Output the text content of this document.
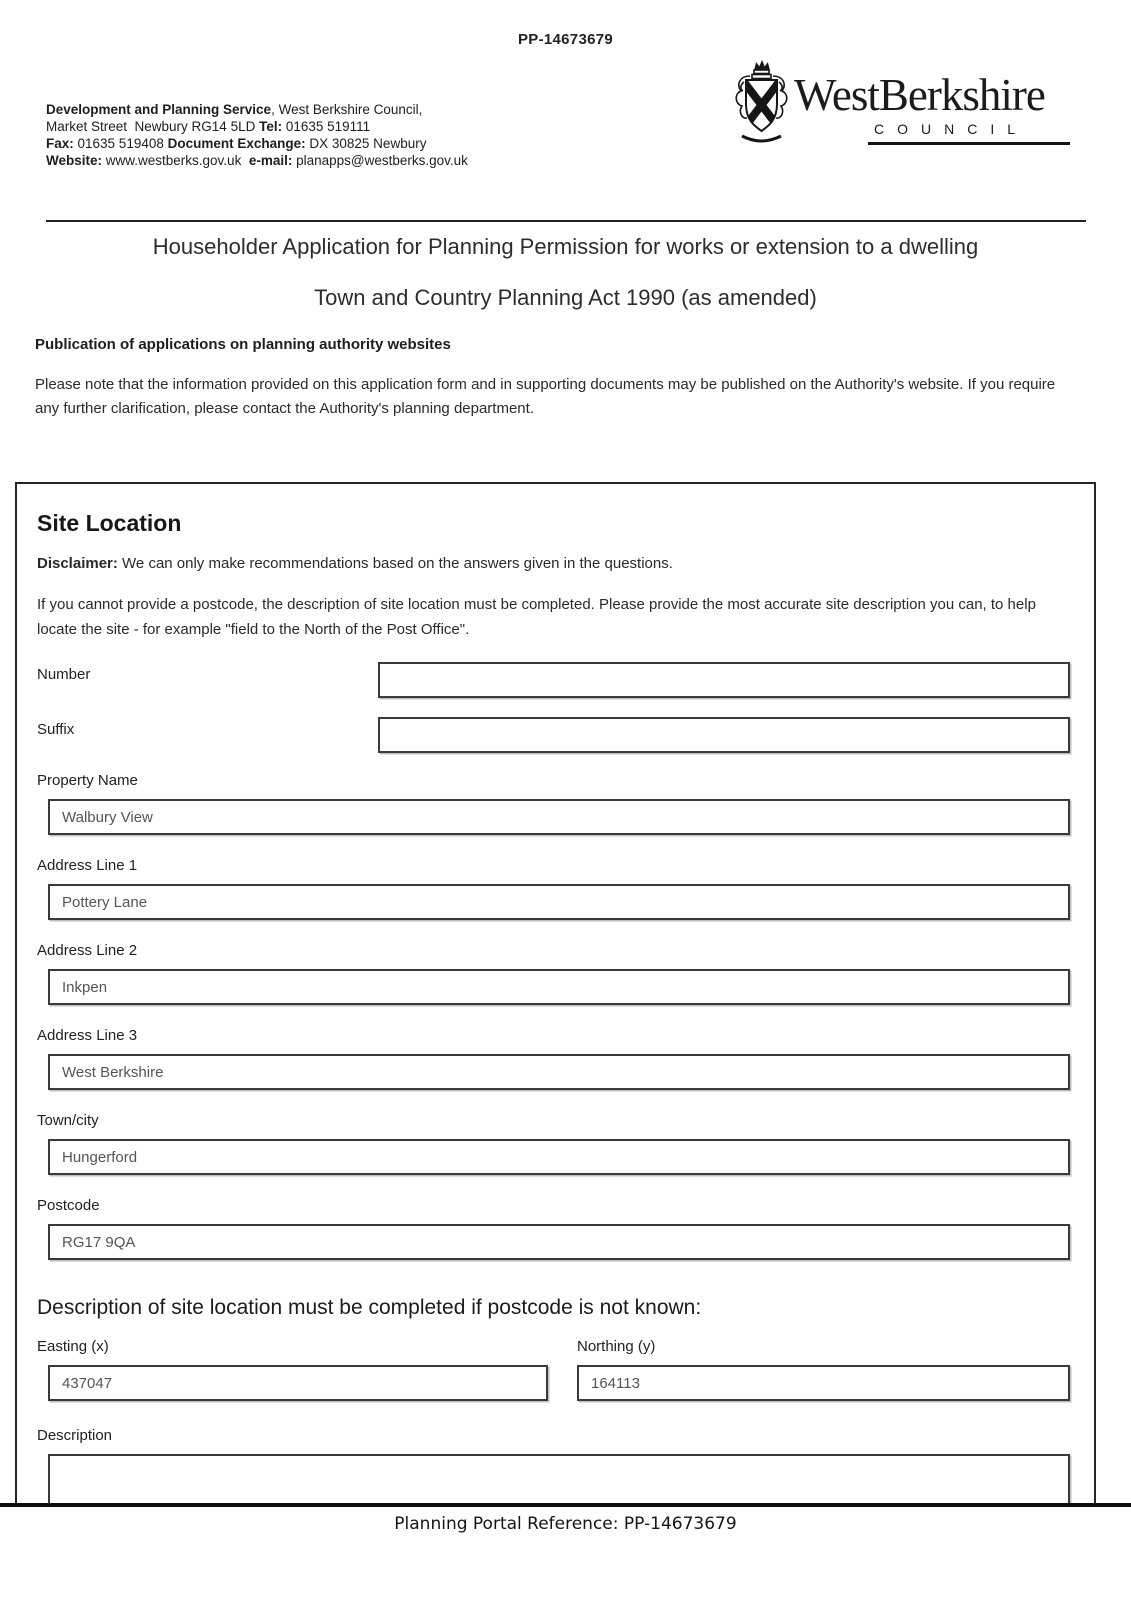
PP-14673679
Development and Planning Service, West Berkshire Council,
Market Street  Newbury RG14 5LD Tel: 01635 519111
Fax: 01635 519408 Document Exchange: DX 30825 Newbury
Website: www.westberks.gov.uk  e-mail: planapps@westberks.gov.uk
WestBerkshire
COUNCIL
Householder Application for Planning Permission for works or extension to a dwelling
Town and Country Planning Act 1990 (as amended)
Publication of applications on planning authority websites
Please note that the information provided on this application form and in supporting documents may be published on the Authority's website. If you require any further clarification, please contact the Authority's planning department.
Site Location

Disclaimer: We can only make recommendations based on the answers given in the questions.

If you cannot provide a postcode, the description of site location must be completed. Please provide the most accurate site description you can, to help locate the site - for example "field to the North of the Post Office".

Number
Suffix
Property Name
Walbury View
Address Line 1
Pottery Lane
Address Line 2
Inkpen
Address Line 3
West Berkshire
Town/city
Hungerford
Postcode
RG17 9QA
Description of site location must be completed if postcode is not known:
Easting (x)
437047	Northing (y)
164113
Description
Planning Portal Reference: PP-14673679
